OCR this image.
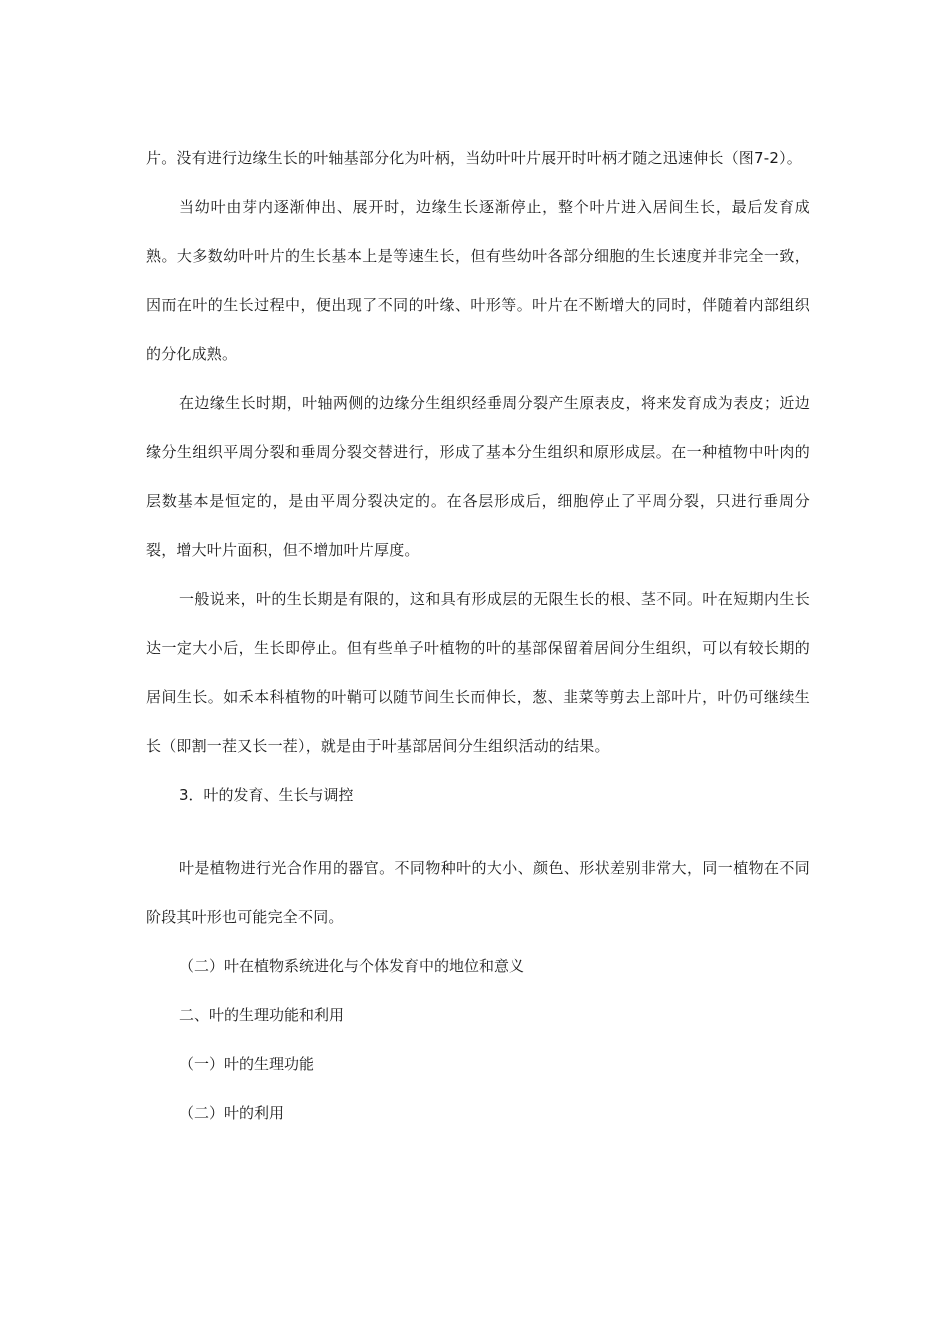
片。没有进行边缘生长的叶轴基部分化为叶柄，当幼叶叶片展开时叶柄才随之迅速伸长（图7-2）。

当幼叶由芽内逐渐伸出、展开时，边缘生长逐渐停止，整个叶片进入居间生长，最后发育成熟。大多数幼叶叶片的生长基本上是等速生长，但有些幼叶各部分细胞的生长速度并非完全一致，因而在叶的生长过程中，便出现了不同的叶缘、叶形等。叶片在不断增大的同时，伴随着内部组织的分化成熟。

在边缘生长时期，叶轴两侧的边缘分生组织经垂周分裂产生原表皮，将来发育成为表皮；近边缘分生组织平周分裂和垂周分裂交替进行，形成了基本分生组织和原形成层。在一种植物中叶肉的层数基本是恒定的，是由平周分裂决定的。在各层形成后，细胞停止了平周分裂，只进行垂周分裂，增大叶片面积，但不增加叶片厚度。

一般说来，叶的生长期是有限的，这和具有形成层的无限生长的根、茎不同。叶在短期内生长达一定大小后，生长即停止。但有些单子叶植物的叶的基部保留着居间分生组织，可以有较长期的居间生长。如禾本科植物的叶鞘可以随节间生长而伸长，葱、韭菜等剪去上部叶片，叶仍可继续生长（即割一茬又长一茬），就是由于叶基部居间分生组织活动的结果。

3．叶的发育、生长与调控

叶是植物进行光合作用的器官。不同物种叶的大小、颜色、形状差别非常大，同一植物在不同阶段其叶形也可能完全不同。

（二）叶在植物系统进化与个体发育中的地位和意义

二、叶的生理功能和利用

（一）叶的生理功能

（二）叶的利用
